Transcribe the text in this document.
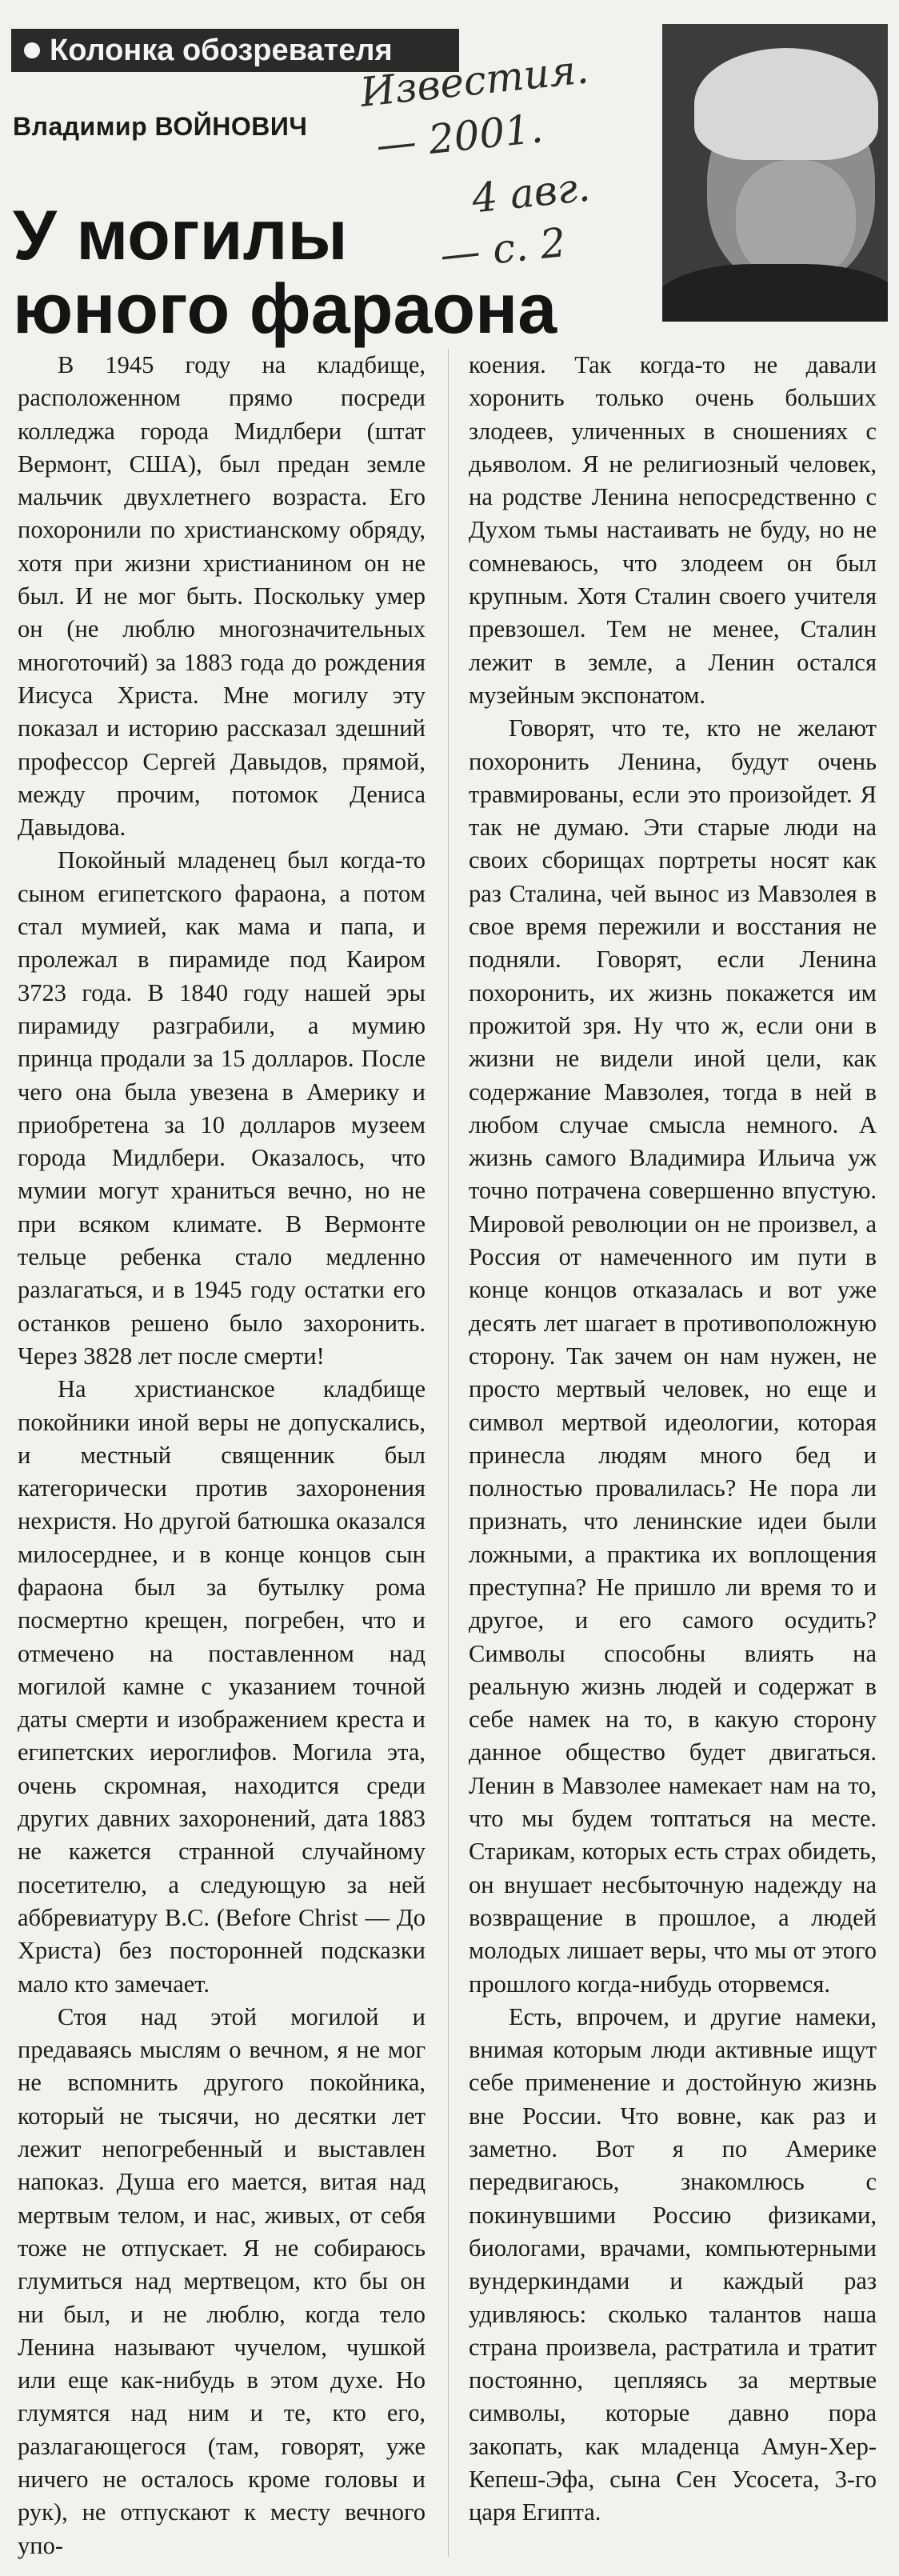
Колонка обозревателя
Владимир ВОЙНОВИЧ
У могилы
юного фараона
Известия.
— 2001.
4 авг.
— с. 2

В 1945 году на кладбище, расположенном прямо посреди колледжа города Мидлбери (штат Вермонт, США), был предан земле мальчик двухлетнего возраста. Его похоронили по христианскому обряду, хотя при жизни христианином он не был. И не мог быть. Поскольку умер он (не люблю многозначительных многоточий) за 1883 года до рождения Иисуса Христа. Мне могилу эту показал и историю рассказал здешний профессор Сергей Давыдов, прямой, между прочим, потомок Дениса Давыдова.

Покойный младенец был когда-то сыном египетского фараона, а потом стал мумией, как мама и папа, и пролежал в пирамиде под Каиром 3723 года. В 1840 году нашей эры пирамиду разграбили, а мумию принца продали за 15 долларов. После чего она была увезена в Америку и приобретена за 10 долларов музеем города Мидлбери. Оказалось, что мумии могут храниться вечно, но не при всяком климате. В Вермонте тельце ребенка стало медленно разлагаться, и в 1945 году остатки его останков решено было захоронить. Через 3828 лет после смерти!

На христианское кладбище покойники иной веры не допускались, и местный священник был категорически против захоронения нехристя. Но другой батюшка оказался милосерднее, и в конце концов сын фараона был за бутылку рома посмертно крещен, погребен, что и отмечено на поставленном над могилой камне с указанием точной даты смерти и изображением креста и египетских иероглифов. Могила эта, очень скромная, находится среди других давних захоронений, дата 1883 не кажется странной случайному посетителю, а следующую за ней аббревиатуру B.C. (Before Christ — До Христа) без посторонней подсказки мало кто замечает.

Стоя над этой могилой и предаваясь мыслям о вечном, я не мог не вспомнить другого покойника, который не тысячи, но десятки лет лежит непогребенный и выставлен напоказ. Душа его мается, витая над мертвым телом, и нас, живых, от себя тоже не отпускает. Я не собираюсь глумиться над мертвецом, кто бы он ни был, и не люблю, когда тело Ленина называют чучелом, чушкой или еще как-нибудь в этом духе. Но глумятся над ним и те, кто его, разлагающегося (там, говорят, уже ничего не осталось кроме головы и рук), не отпускают к месту вечного упо-

коения. Так когда-то не давали хоронить только очень больших злодеев, уличенных в сношениях с дьяволом. Я не религиозный человек, на родстве Ленина непосредственно с Духом тьмы настаивать не буду, но не сомневаюсь, что злодеем он был крупным. Хотя Сталин своего учителя превзошел. Тем не менее, Сталин лежит в земле, а Ленин остался музейным экспонатом.

Говорят, что те, кто не желают похоронить Ленина, будут очень травмированы, если это произойдет. Я так не думаю. Эти старые люди на своих сборищах портреты носят как раз Сталина, чей вынос из Мавзолея в свое время пережили и восстания не подняли. Говорят, если Ленина похоронить, их жизнь покажется им прожитой зря. Ну что ж, если они в жизни не видели иной цели, как содержание Мавзолея, тогда в ней в любом случае смысла немного. А жизнь самого Владимира Ильича уж точно потрачена совершенно впустую. Мировой революции он не произвел, а Россия от намеченного им пути в конце концов отказалась и вот уже десять лет шагает в противоположную сторону. Так зачем он нам нужен, не просто мертвый человек, но еще и символ мертвой идеологии, которая принесла людям много бед и полностью провалилась? Не пора ли признать, что ленинские идеи были ложными, а практика их воплощения преступна? Не пришло ли время то и другое, и его самого осудить? Символы способны влиять на реальную жизнь людей и содержат в себе намек на то, в какую сторону данное общество будет двигаться. Ленин в Мавзолее намекает нам на то, что мы будем топтаться на месте. Старикам, которых есть страх обидеть, он внушает несбыточную надежду на возвращение в прошлое, а людей молодых лишает веры, что мы от этого прошлого когда-нибудь оторвемся.

Есть, впрочем, и другие намеки, внимая которым люди активные ищут себе применение и достойную жизнь вне России. Что вовне, как раз и заметно. Вот я по Америке передвигаюсь, знакомлюсь с покинувшими Россию физиками, биологами, врачами, компьютерными вундеркиндами и каждый раз удивляюсь: сколько талантов наша страна произвела, растратила и тратит постоянно, цепляясь за мертвые символы, которые давно пора закопать, как младенца Амун-Хер-Кепеш-Эфа, сына Сен Усосета, 3-го царя Египта.
